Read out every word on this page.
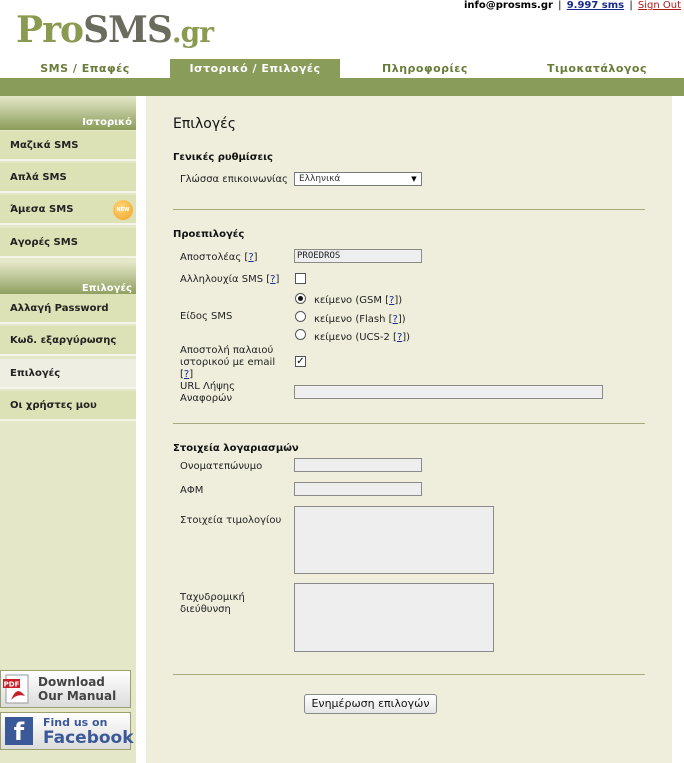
info@prosms.gr | 9.997 sms | Sign Out
ProSMS.gr
SMS / Επαφές	Ιστορικό / Επιλογές	Πληροφορίες	Τιμοκατάλογος
Ιστορικό
Μαζικά SMS
Απλά SMS
Άμεσα SMS	NEW
Αγορές SMS
Επιλογές
Αλλαγή Password
Κωδ. εξαργύρωσης
Επιλογές
Οι χρήστες μου
PDF Download
Our Manual
f	Find us on
Facebook
Επιλογές
Γενικές ρυθμίσεις
Γλώσσα επικοινωνίας	Ελληνικά	▼
Προεπιλογές
Αποστολέας [?]	PROEDROS
Αλληλουχία SMS [?]
Είδος SMS
κείμενο (GSM [?])
κείμενο (Flash [?])
κείμενο (UCS-2 [?])
Αποστολή παλαιού
ιστορικού με email
[?]
✓
URL Λήψης
Αναφορών
Στοιχεία λογαριασμών
Ονοματεπώνυμο
ΑΦΜ
Στοιχεία τιμολογίου
Ταχυδρομική
διεύθυνση
Ενημέρωση επιλογών
